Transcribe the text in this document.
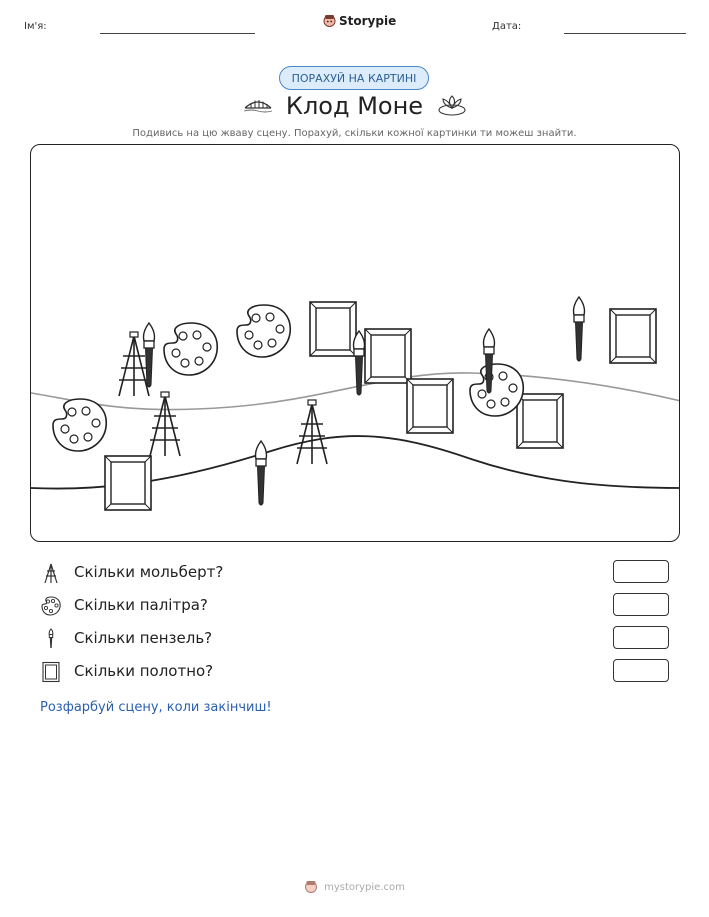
Ім'я:	Storypie	Дата:
ПОРАХУЙ НА КАРТИНІ
Клод Моне
Подивись на цю жваву сцену. Порахуй, скільки кожної картинки ти можеш знайти.
Скільки мольберт?
Скільки палітра?
Скільки пензель?
Скільки полотно?
Розфарбуй сцену, коли закінчиш!
mystorypie.com
